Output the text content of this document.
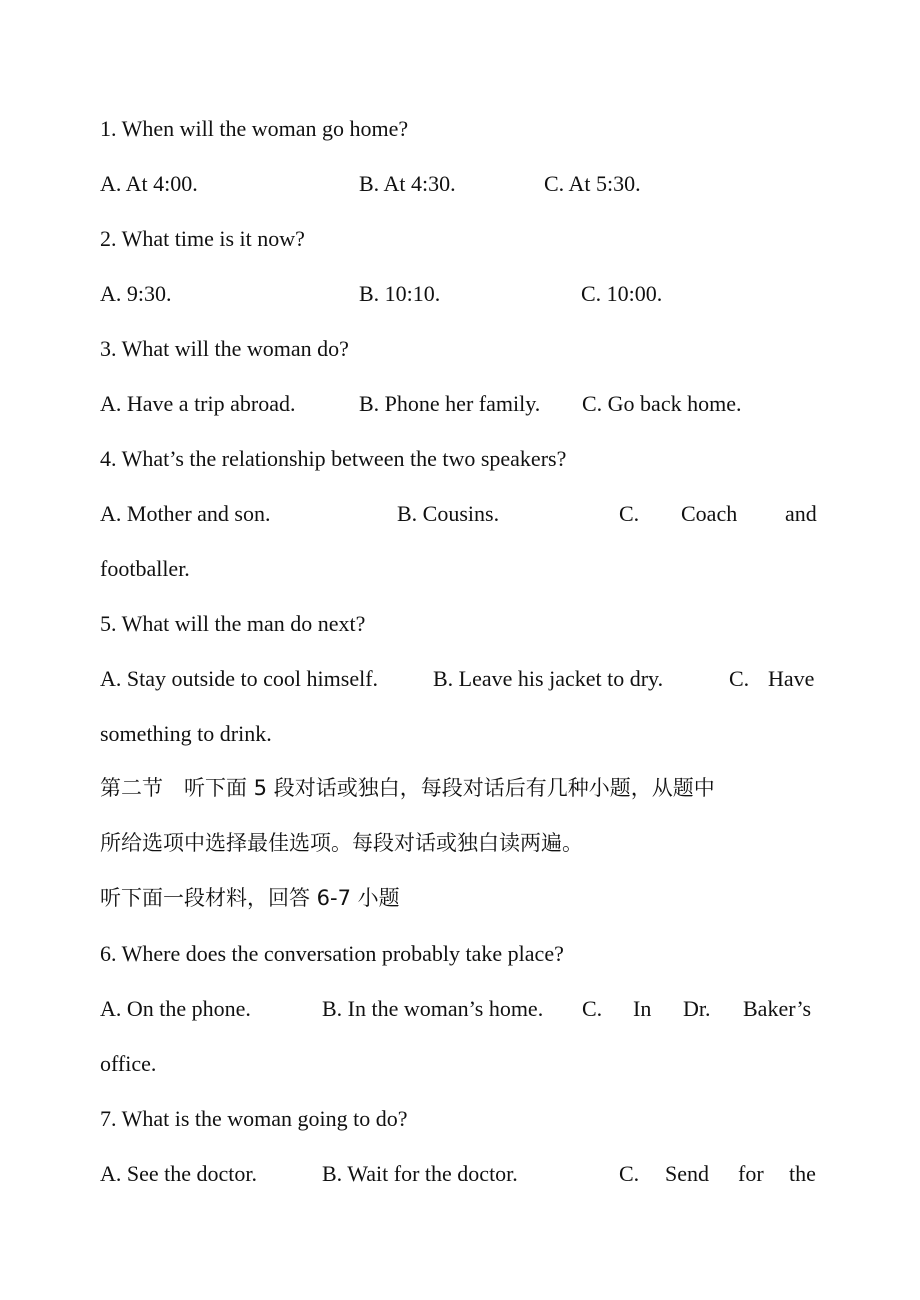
1. When will the woman go home?
A. At 4:00.	B. At 4:30.	C. At 5:30.
2. What time is it now?
A. 9:30.	B. 10:10.	C. 10:00.
3. What will the woman do?
A. Have a trip abroad.	B. Phone her family. C. Go back home.
4. What’s the relationship between the two speakers?
A. Mother and son.	B. Cousins.	C. Coach and
footballer.
5. What will the man do next?
A. Stay outside to cool himself. B. Leave his jacket to dry.	C. Have
something to drink.
第二节　听下面 5 段对话或独白，每段对话后有几种小题，从题中
所给选项中选择最佳选项。每段对话或独白读两遍。
听下面一段材料，回答 6-7 小题
6. Where does the conversation probably take place?
A. On the phone.	B. In the woman’s home. C. In Dr. Baker’s
office.
7. What is the woman going to do?
A. See the doctor.	B. Wait for the doctor.	C. Send for the
